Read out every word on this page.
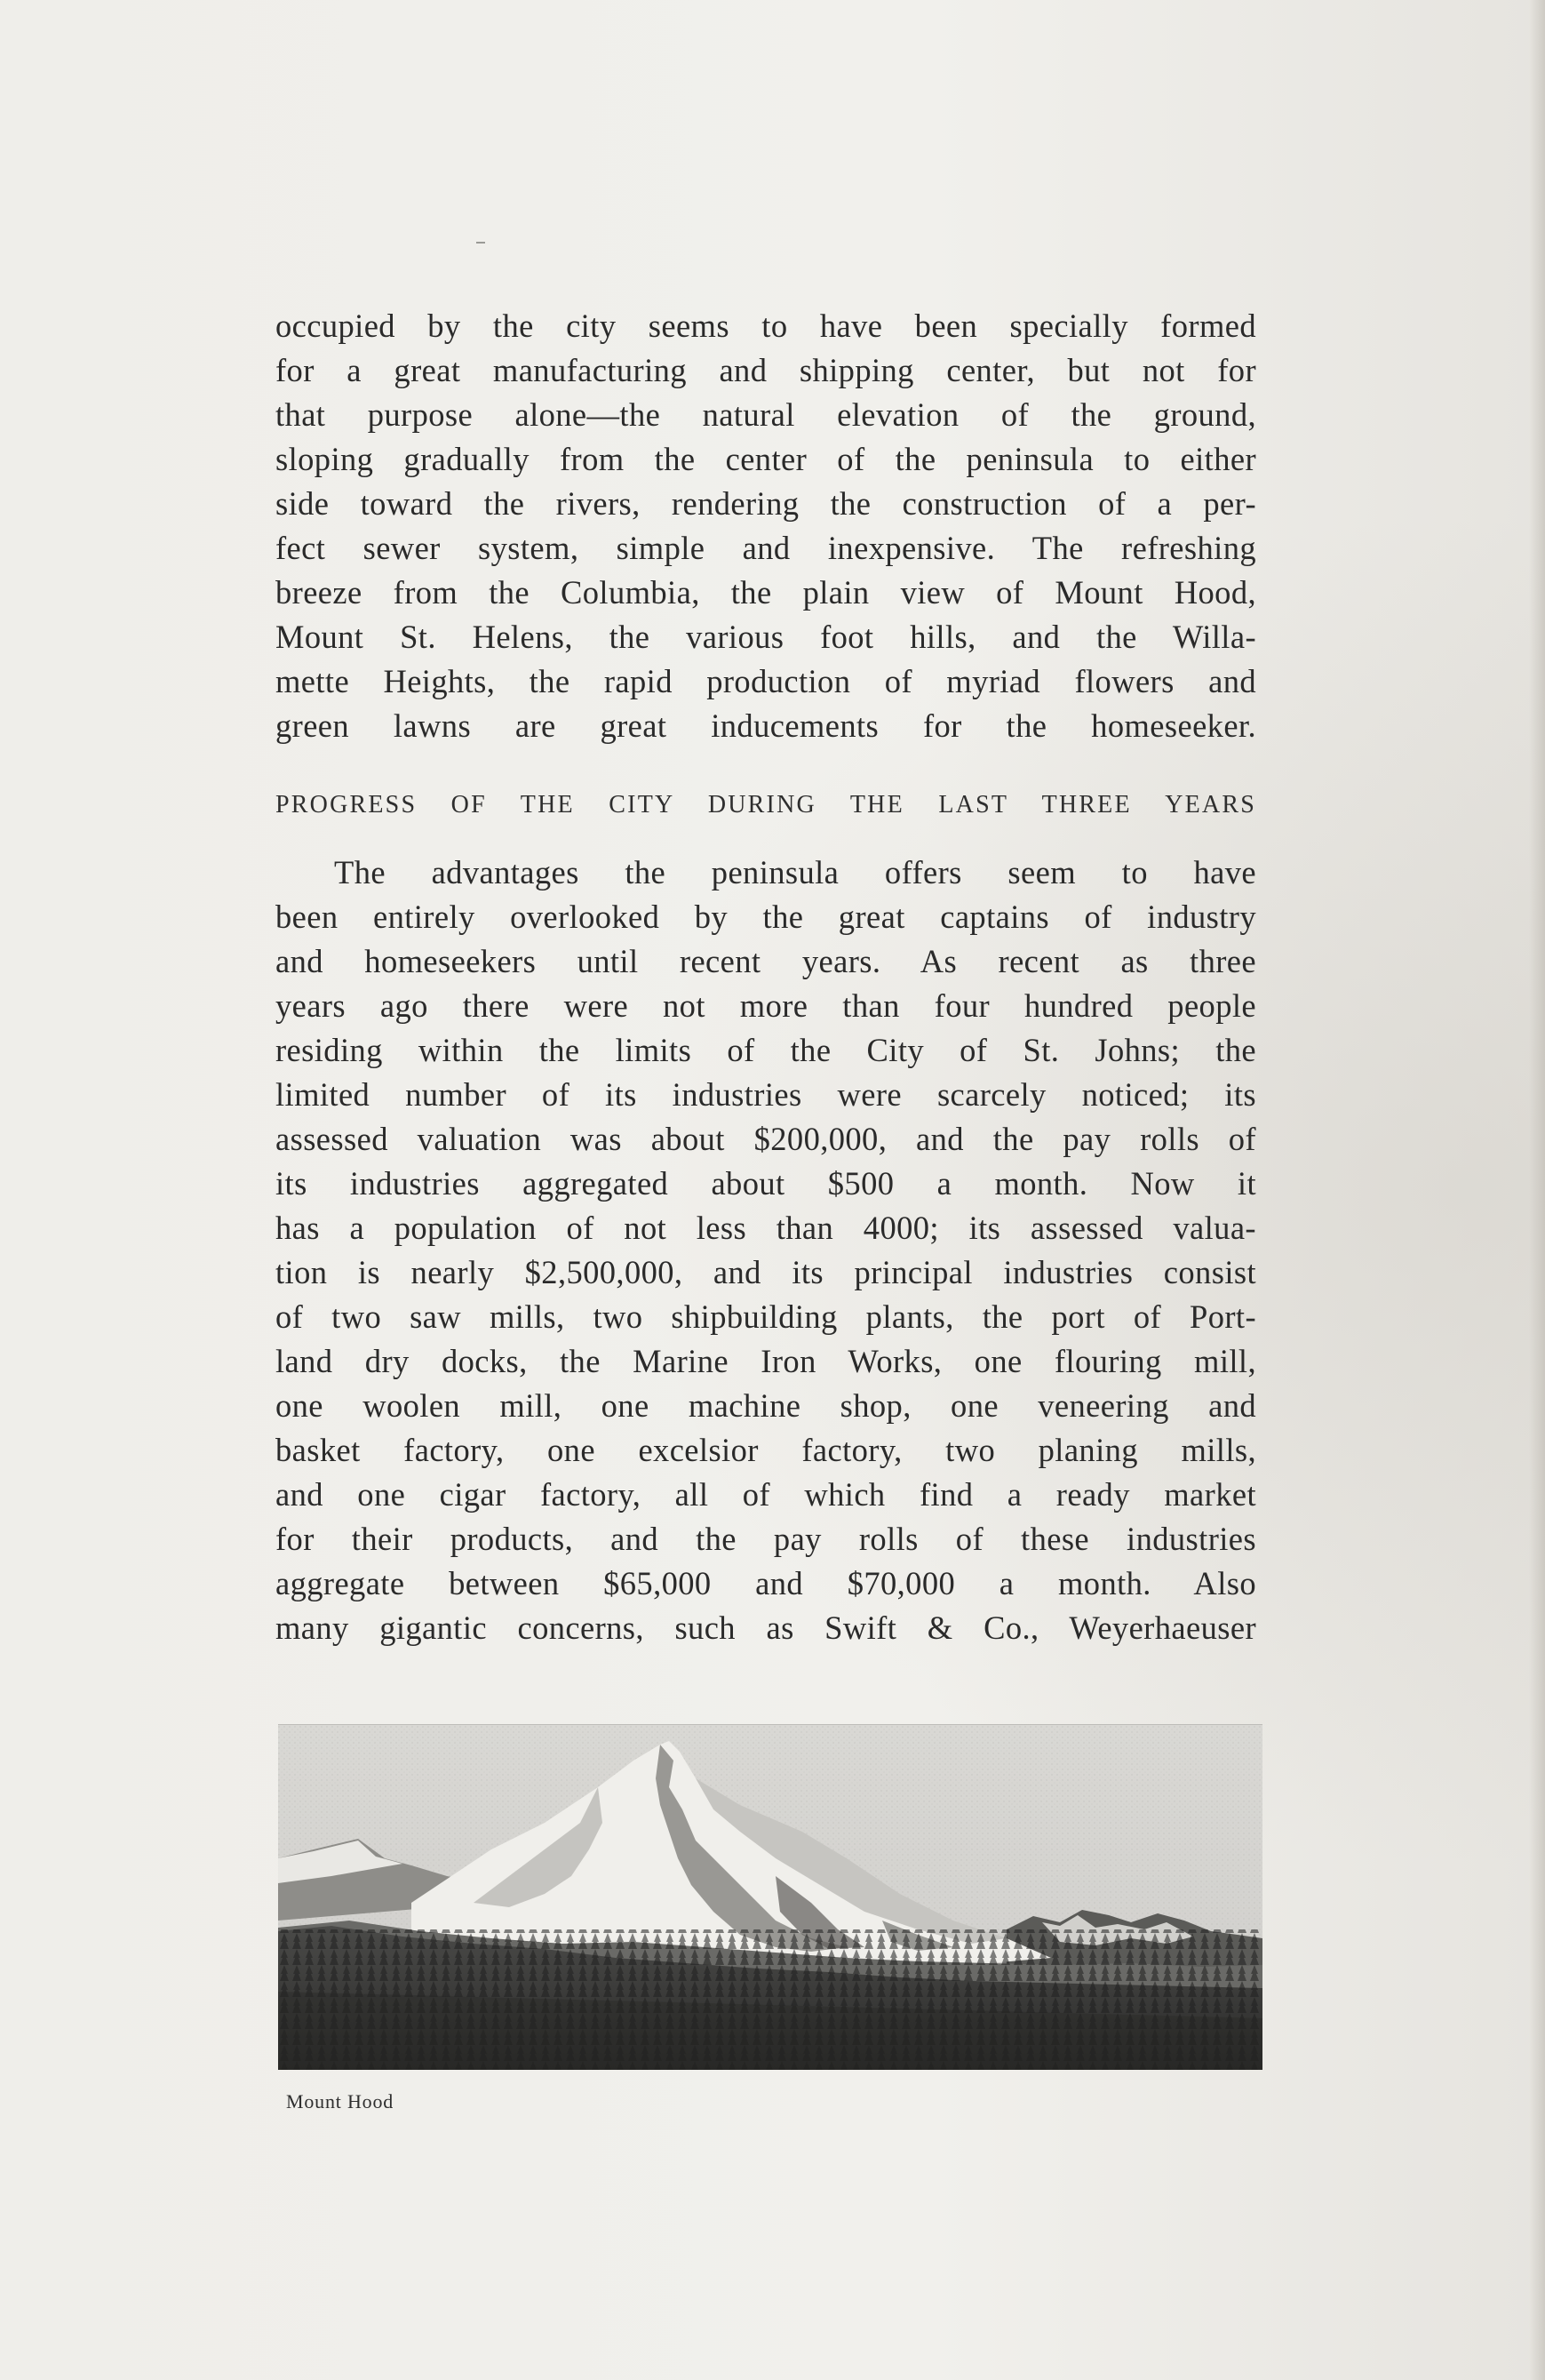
occupied by the city seems to have been specially formed
for a great manufacturing and shipping center, but not for
that purpose alone—the natural elevation of the ground,
sloping gradually from the center of the peninsula to either
side toward the rivers, rendering the construction of a per-
fect sewer system, simple and inexpensive. The refreshing
breeze from the Columbia, the plain view of Mount Hood,
Mount St. Helens, the various foot hills, and the Willa-
mette Heights, the rapid production of myriad flowers and
green lawns are great inducements for the homeseeker.
PROGRESS OF THE CITY DURING THE LAST THREE YEARS
The advantages the peninsula offers seem to have
been entirely overlooked by the great captains of industry
and homeseekers until recent years. As recent as three
years ago there were not more than four hundred people
residing within the limits of the City of St. Johns; the
limited number of its industries were scarcely noticed; its
assessed valuation was about $200,000, and the pay rolls of
its industries aggregated about $500 a month. Now it
has a population of not less than 4000; its assessed valua-
tion is nearly $2,500,000, and its principal industries consist
of two saw mills, two shipbuilding plants, the port of Port-
land dry docks, the Marine Iron Works, one flouring mill,
one woolen mill, one machine shop, one veneering and
basket factory, one excelsior factory, two planing mills,
and one cigar factory, all of which find a ready market
for their products, and the pay rolls of these industries
aggregate between $65,000 and $70,000 a month. Also
many gigantic concerns, such as Swift & Co., Weyerhaeuser
Mount Hood
